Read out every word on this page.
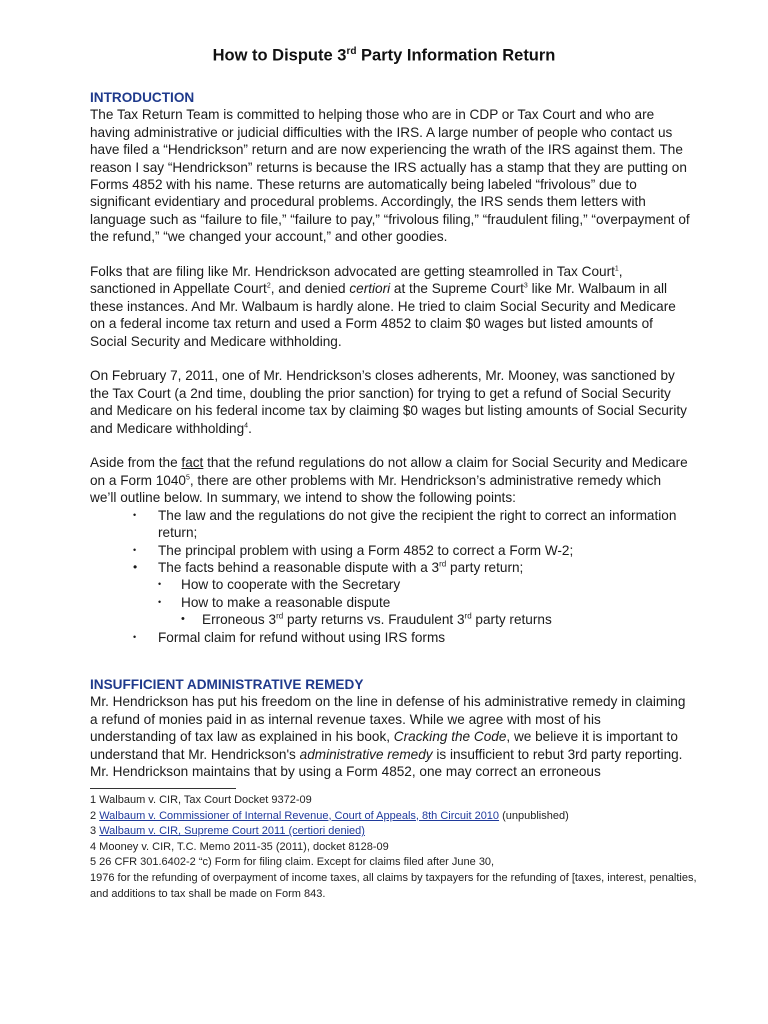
How to Dispute 3rd Party Information Return
INTRODUCTION

The Tax Return Team is committed to helping those who are in CDP or Tax Court and who are having administrative or judicial difficulties with the IRS. A large number of people who contact us have filed a “Hendrickson” return and are now experiencing the wrath of the IRS against them. The reason I say “Hendrickson” returns is because the IRS actually has a stamp that they are putting on Forms 4852 with his name. These returns are automatically being labeled “frivolous” due to significant evidentiary and procedural problems. Accordingly, the IRS sends them letters with language such as “failure to file,” “failure to pay,” “frivolous filing,” “fraudulent filing,” “overpayment of the refund,” “we changed your account,” and other goodies.

Folks that are filing like Mr. Hendrickson advocated are getting steamrolled in Tax Court$^1$, sanctioned in Appellate Court$^2$, and denied certiori at the Supreme Court$^3$ like Mr. Walbaum in all these instances. And Mr. Walbaum is hardly alone. He tried to claim Social Security and Medicare on a federal income tax return and used a Form 4852 to claim $0 wages but listed amounts of Social Security and Medicare withholding.

On February 7, 2011, one of Mr. Hendrickson’s closes adherents, Mr. Mooney, was sanctioned by the Tax Court (a 2nd time, doubling the prior sanction) for trying to get a refund of Social Security and Medicare on his federal income tax by claiming $0 wages but listing amounts of Social Security and Medicare withholding$^4$.

Aside from the fact that the refund regulations do not allow a claim for Social Security and Medicare on a Form 1040$^5$, there are other problems with Mr. Hendrickson’s administrative remedy which we’ll outline below. In summary, we intend to show the following points:

• The law and the regulations do not give the recipient the right to correct an information return;
• The principal problem with using a Form 4852 to correct a Form W-2;
• The facts behind a reasonable dispute with a 3rd party return;
• How to cooperate with the Secretary
• How to make a reasonable dispute
• Erroneous 3rd party returns vs. Fraudulent 3rd party returns
• Formal claim for refund without using IRS forms
INSUFFICIENT ADMINISTRATIVE REMEDY

Mr. Hendrickson has put his freedom on the line in defense of his administrative remedy in claiming a refund of monies paid in as internal revenue taxes. While we agree with most of his understanding of tax law as explained in his book, Cracking the Code, we believe it is important to understand that Mr. Hendrickson's administrative remedy is insufficient to rebut 3rd party reporting. Mr. Hendrickson maintains that by using a Form 4852, one may correct an erroneous

1 Walbaum v. CIR, Tax Court Docket 9372-09
2 Walbaum v. Commissioner of Internal Revenue, Court of Appeals, 8th Circuit 2010 (unpublished)
3 Walbaum v. CIR, Supreme Court 2011 (certiori denied)
4 Mooney v. CIR, T.C. Memo 2011-35 (2011), docket 8128-09
5 26 CFR 301.6402-2 “c) Form for filing claim. Except for claims filed after June 30,
1976 for the refunding of overpayment of income taxes, all claims by taxpayers for the refunding of [taxes, interest, penalties, and additions to tax shall be made on Form 843.
